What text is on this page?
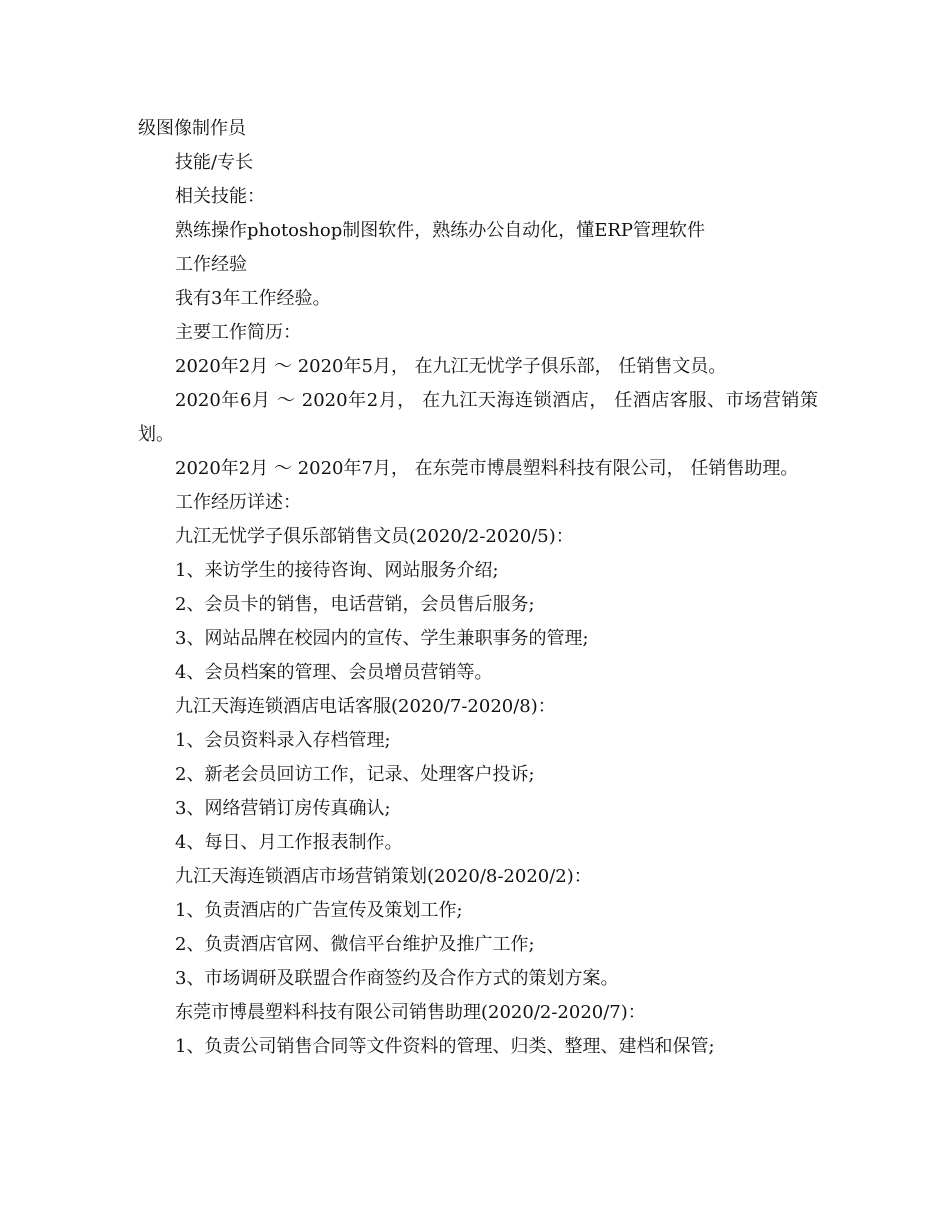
级图像制作员

技能/专长

相关技能：

熟练操作photoshop制图软件，熟练办公自动化，懂ERP管理软件

工作经验

我有3年工作经验。

主要工作简历：

2020年2月 ～ 2020年5月， 在九江无忧学子俱乐部， 任销售文员。

2020年6月 ～ 2020年2月， 在九江天海连锁酒店， 任酒店客服、市场营销策划。

2020年2月 ～ 2020年7月， 在东莞市博晨塑料科技有限公司， 任销售助理。

工作经历详述：

九江无忧学子俱乐部销售文员(2020/2-2020/5)：

1、来访学生的接待咨询、网站服务介绍;

2、会员卡的销售，电话营销，会员售后服务;

3、网站品牌在校园内的宣传、学生兼职事务的管理;

4、会员档案的管理、会员增员营销等。

九江天海连锁酒店电话客服(2020/7-2020/8)：

1、会员资料录入存档管理;

2、新老会员回访工作，记录、处理客户投诉;

3、网络营销订房传真确认;

4、每日、月工作报表制作。

九江天海连锁酒店市场营销策划(2020/8-2020/2)：

1、负责酒店的广告宣传及策划工作;

2、负责酒店官网、微信平台维护及推广工作;

3、市场调研及联盟合作商签约及合作方式的策划方案。

东莞市博晨塑料科技有限公司销售助理(2020/2-2020/7)：

1、负责公司销售合同等文件资料的管理、归类、整理、建档和保管;
